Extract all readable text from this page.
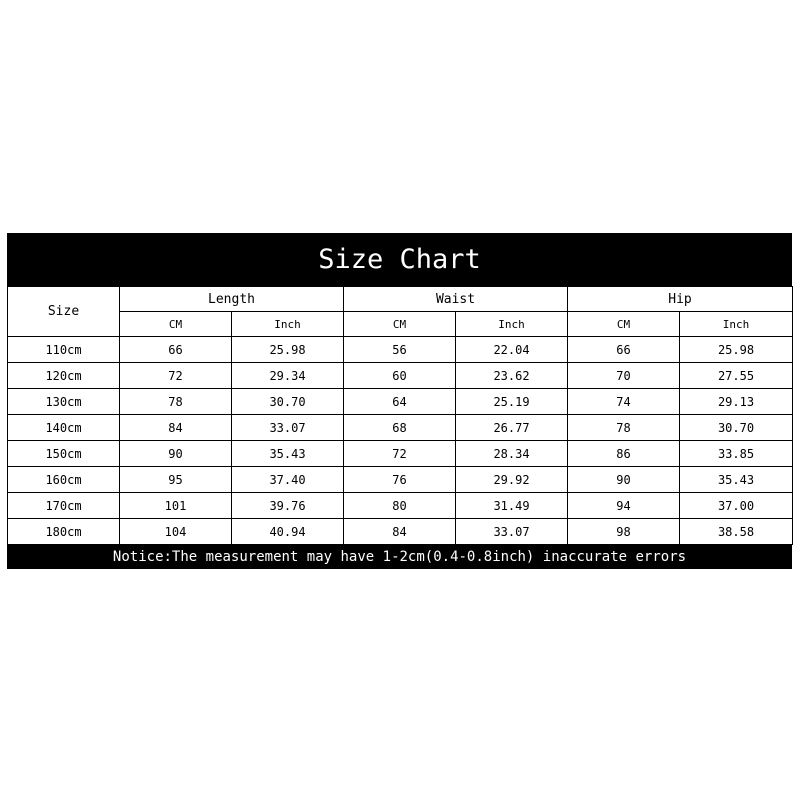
Size Chart
Size	Length		Waist		Hip	
	CM	Inch	CM	Inch	CM	Inch
110cm	66	25.98	56	22.04	66	25.98
120cm	72	29.34	60	23.62	70	27.55
130cm	78	30.70	64	25.19	74	29.13
140cm	84	33.07	68	26.77	78	30.70
150cm	90	35.43	72	28.34	86	33.85
160cm	95	37.40	76	29.92	90	35.43
170cm	101	39.76	80	31.49	94	37.00
180cm	104	40.94	84	33.07	98	38.58
Notice:The measurement may have 1-2cm(0.4-0.8inch) inaccurate errors
